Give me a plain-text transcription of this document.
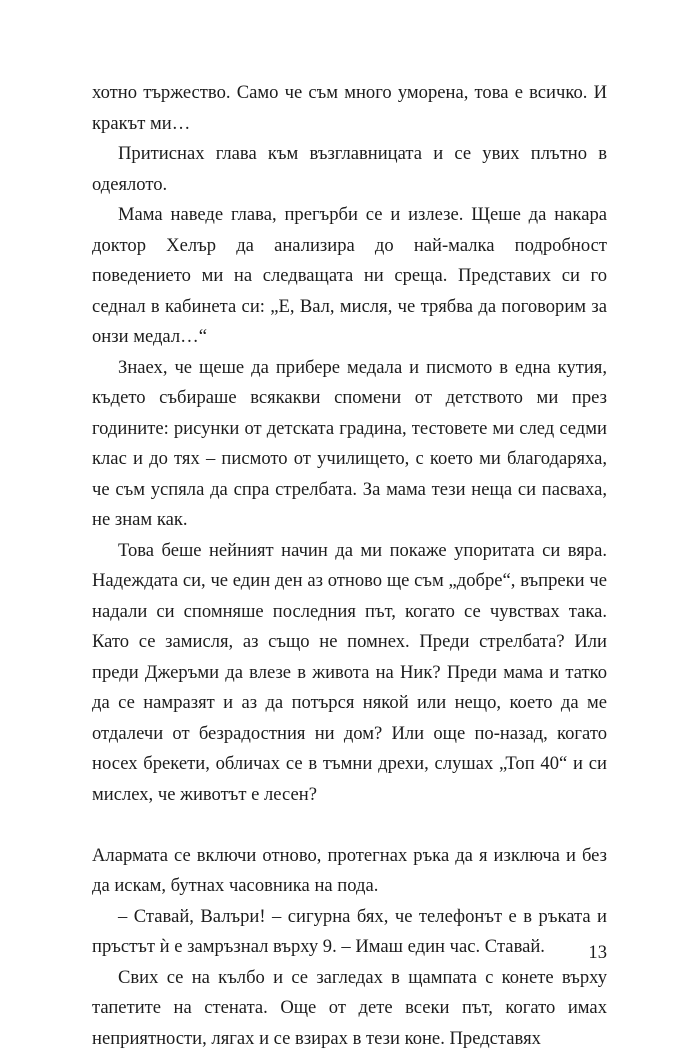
хотно тържество. Само че съм много уморена, това е всичко. И кракът ми…

Притиснах глава към възглавницата и се увих плътно в одеялото.

Мама наведе глава, прегърби се и излезе. Щеше да накара доктор Хелър да анализира до най-малка подробност поведението ми на следващата ни среща. Представих си го седнал в кабинета си: „Е, Вал, мисля, че трябва да поговорим за онзи медал…“

Знаех, че щеше да прибере медала и писмото в една кутия, където събираше всякакви спомени от детството ми през годините: рисунки от детската градина, тестовете ми след седми клас и до тях – писмото от училището, с което ми благодаряха, че съм успяла да спра стрелбата. За мама тези неща си пасваха, не знам как.

Това беше нейният начин да ми покаже упоритата си вяра. Надеждата си, че един ден аз отново ще съм „добре“, въпреки че надали си спомняше последния път, когато се чувствах така. Като се замисля, аз също не помнех. Преди стрелбата? Или преди Джеръми да влезе в живота на Ник? Преди мама и татко да се намразят и аз да потърся някой или нещо, което да ме отдалечи от безрадостния ни дом? Или още по-назад, когато носех брекети, обличах се в тъмни дрехи, слушах „Топ 40“ и си мислех, че животът е лесен?

Алармата се включи отново, протегнах ръка да я изключа и без да искам, бутнах часовника на пода.

– Ставай, Валъри! – сигурна бях, че телефонът е в ръката и пръстът ѝ е замръзнал върху 9. – Имаш един час. Ставай.

Свих се на кълбо и се загледах в щампата с конете върху тапетите на стената. Още от дете всеки път, когато имах неприятности, лягах и се взирах в тези коне. Представях

13
